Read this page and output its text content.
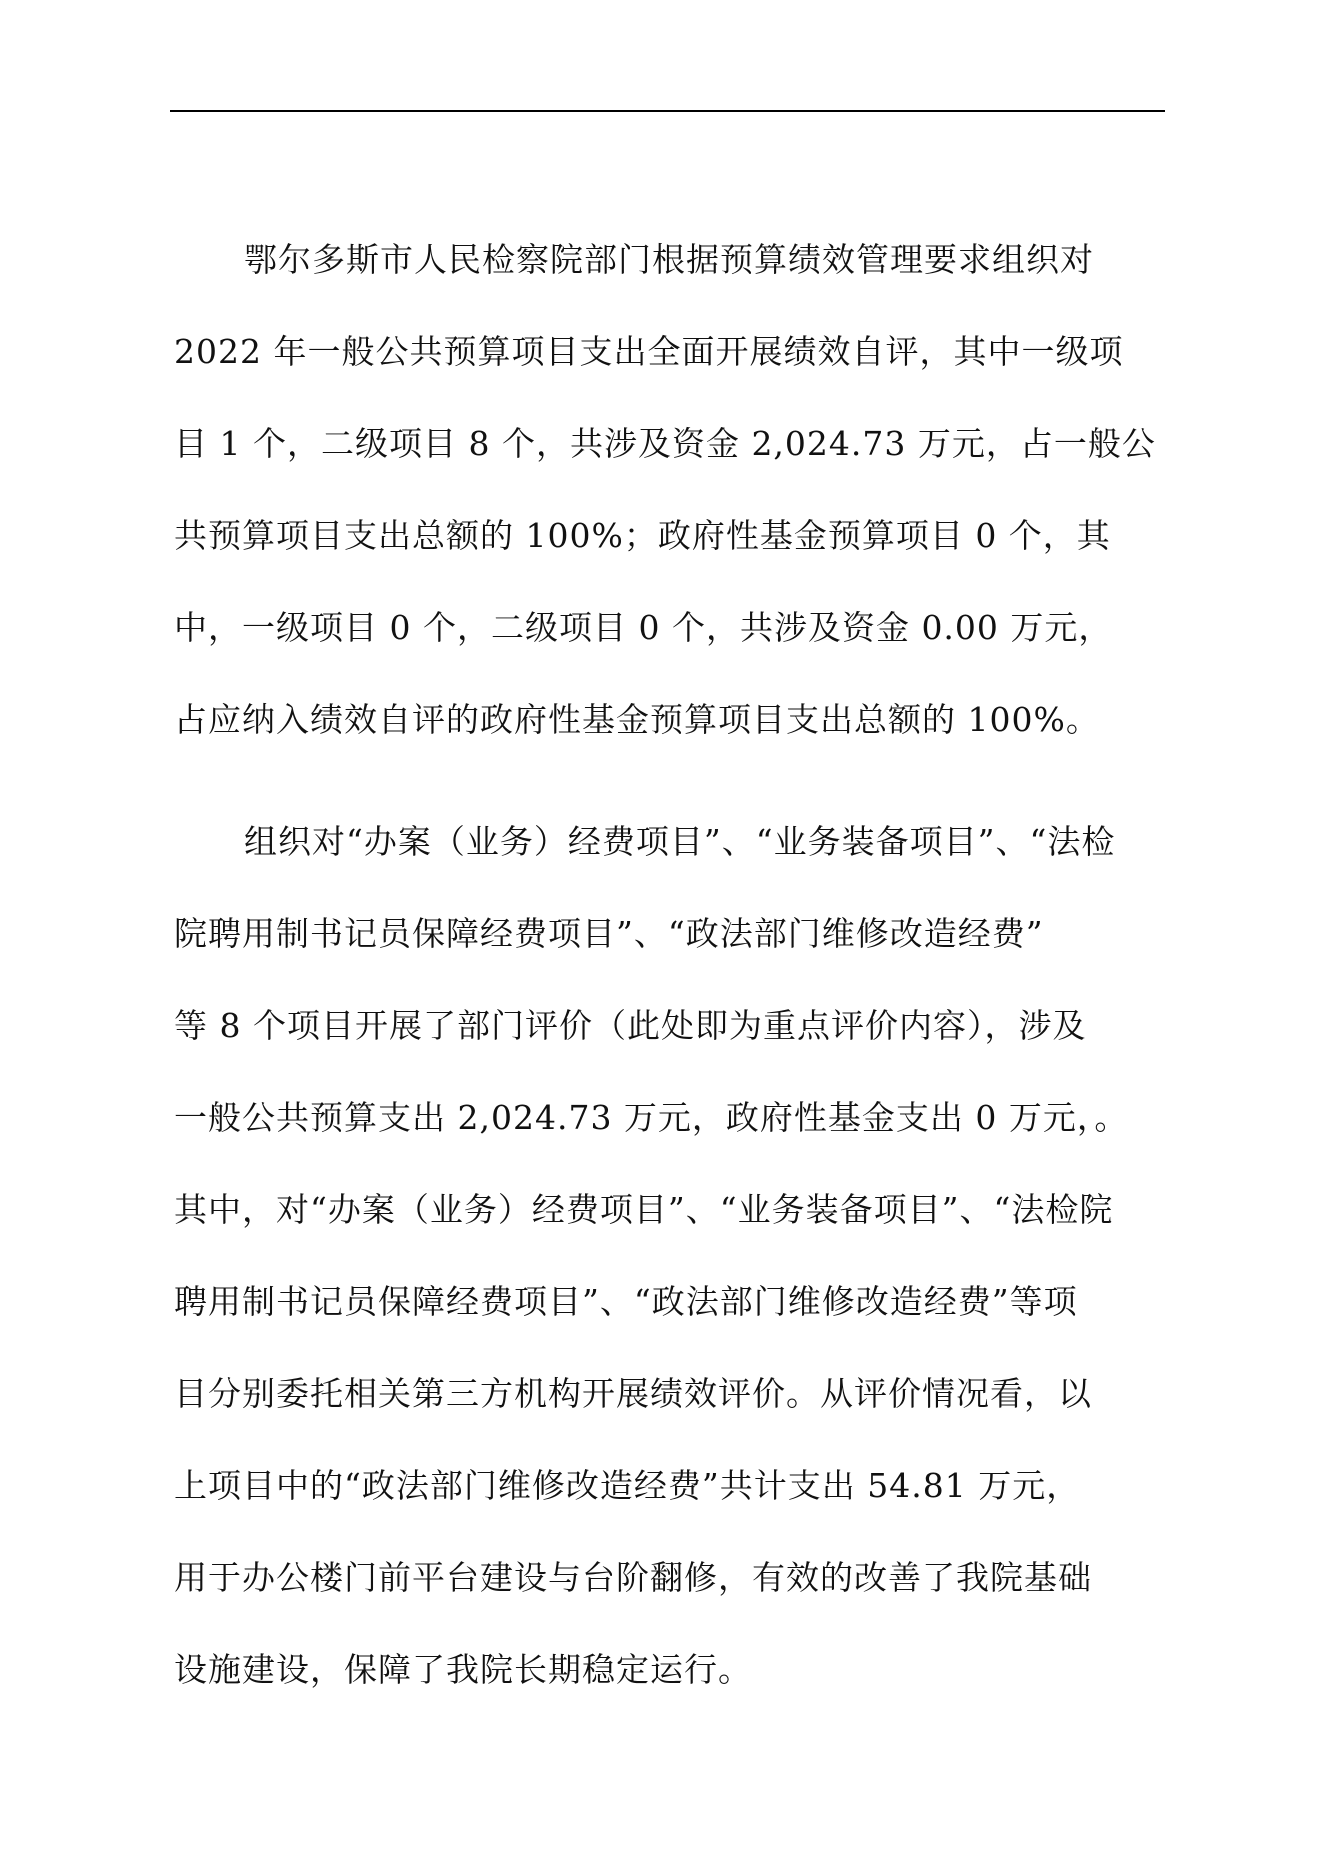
鄂尔多斯市人民检察院部门根据预算绩效管理要求组织对
2022 年一般公共预算项目支出全面开展绩效自评，其中一级项
目 1 个，二级项目 8 个，共涉及资金 2,024.73 万元，占一般公
共预算项目支出总额的 100%；政府性基金预算项目 0 个，其
中，一级项目 0 个，二级项目 0 个，共涉及资金 0.00 万元，
占应纳入绩效自评的政府性基金预算项目支出总额的 100%。
组织对“办案（业务）经费项目”、“业务装备项目”、“法检
院聘用制书记员保障经费项目”、“政法部门维修改造经费”
等 8 个项目开展了部门评价（此处即为重点评价内容），涉及
一般公共预算支出 2,024.73 万元，政府性基金支出 0 万元，。
其中，对“办案（业务）经费项目”、“业务装备项目”、“法检院
聘用制书记员保障经费项目”、“政法部门维修改造经费”等项
目分别委托相关第三方机构开展绩效评价。从评价情况看，以
上项目中的“政法部门维修改造经费”共计支出 54.81 万元，
用于办公楼门前平台建设与台阶翻修，有效的改善了我院基础
设施建设，保障了我院长期稳定运行。
